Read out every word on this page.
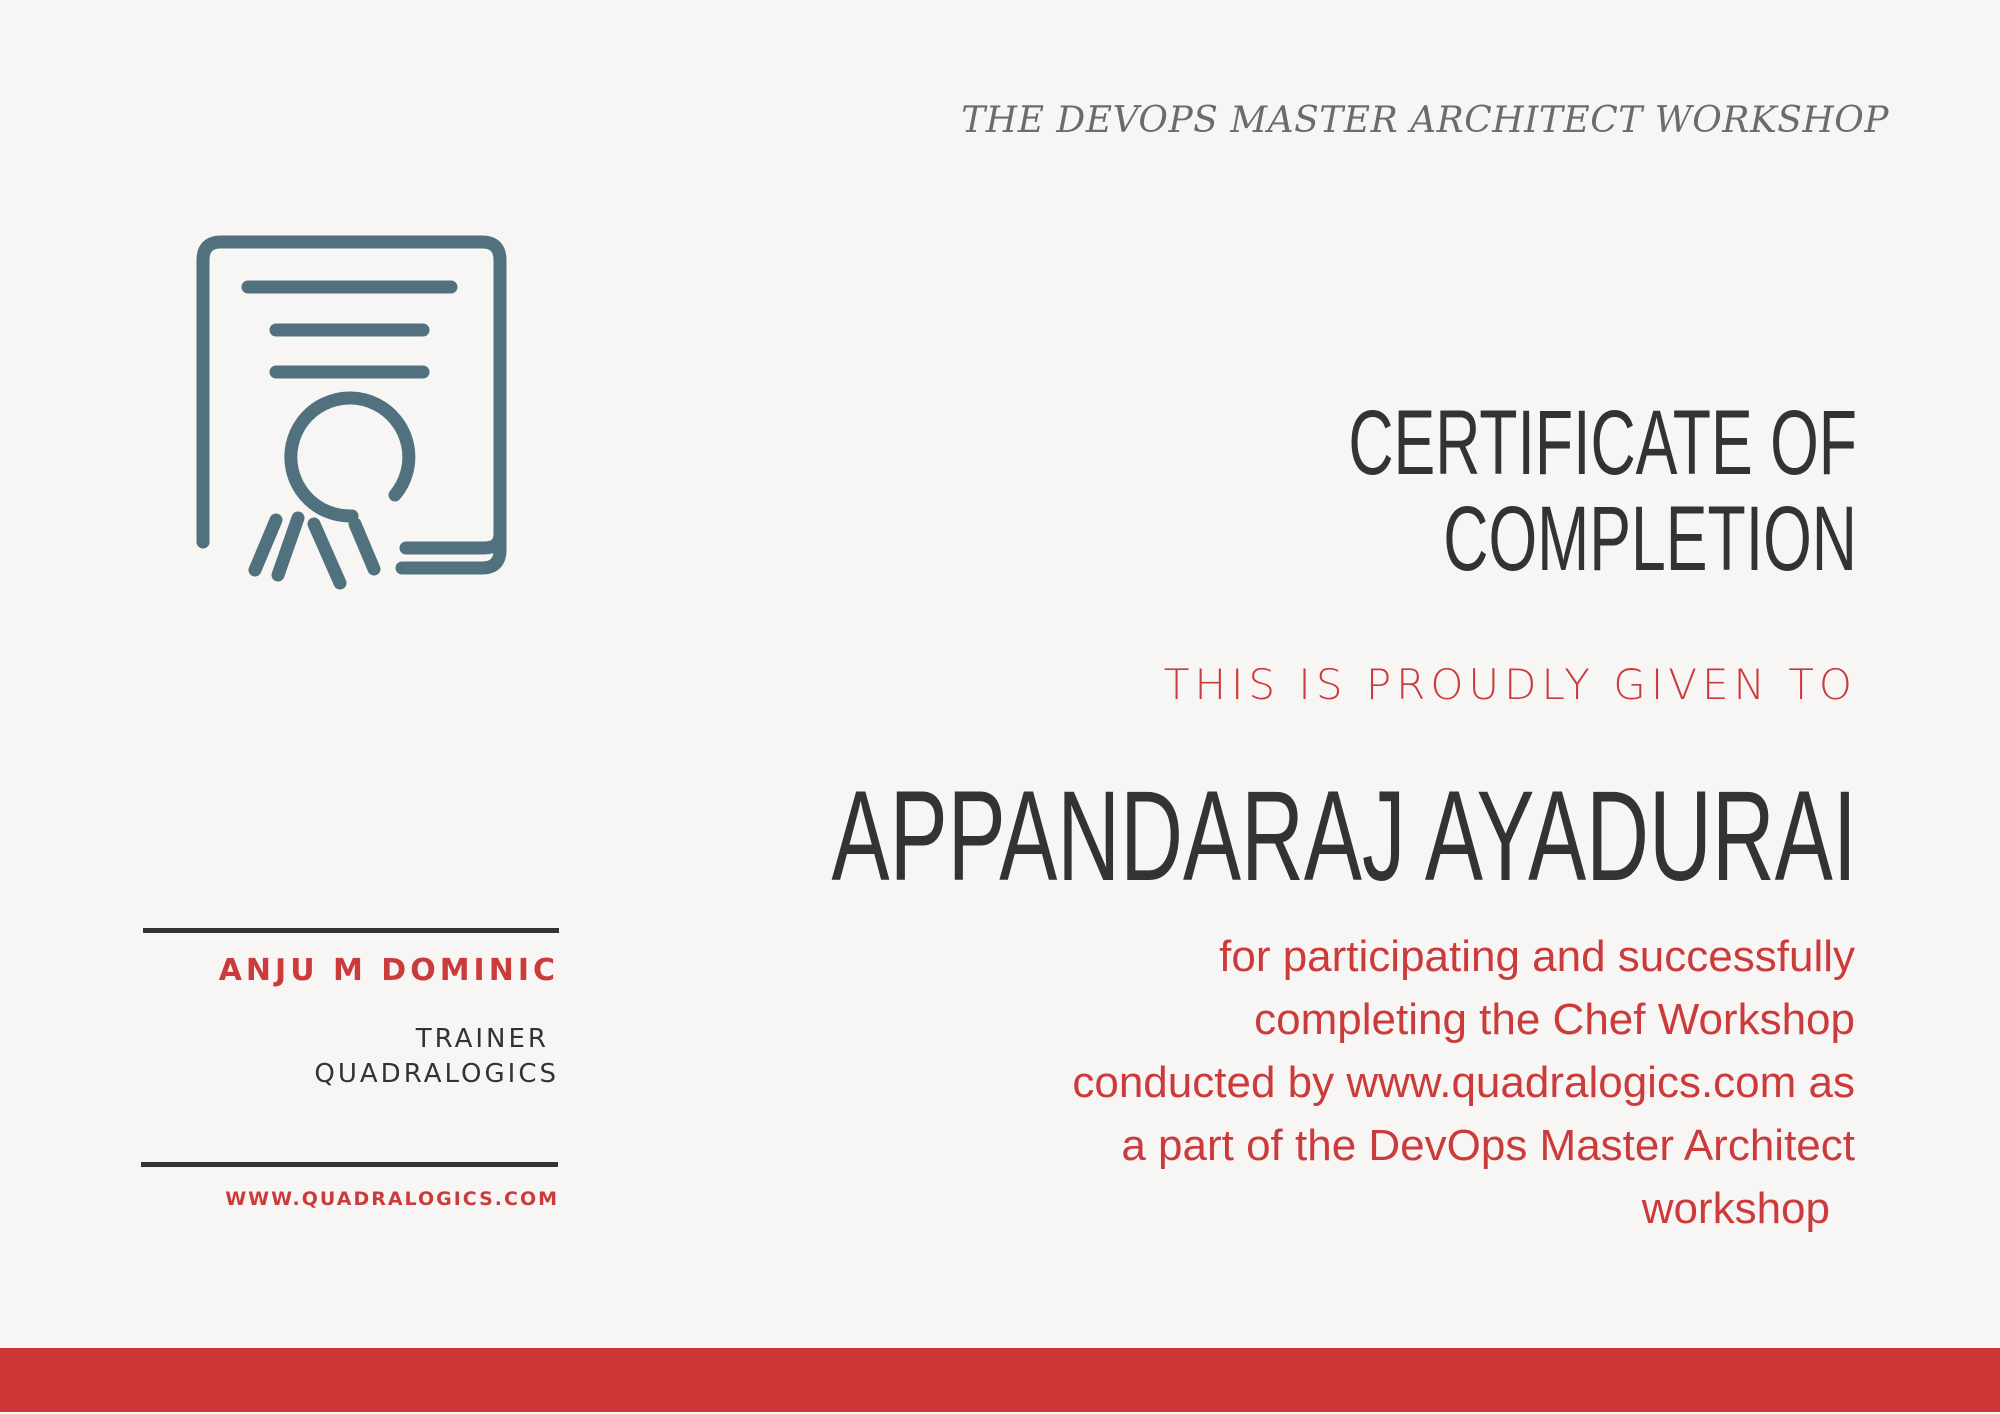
THE DEVOPS MASTER ARCHITECT WORKSHOP
CERTIFICATE OF
COMPLETION
THIS IS PROUDLY GIVEN TO
APPANDARAJ AYADURAI
for participating and successfully
completing the Chef Workshop
conducted by www.quadralogics.com as
a part of the DevOps Master Architect
workshop
ANJU M DOMINIC
TRAINER
QUADRALOGICS
WWW.QUADRALOGICS.COM
